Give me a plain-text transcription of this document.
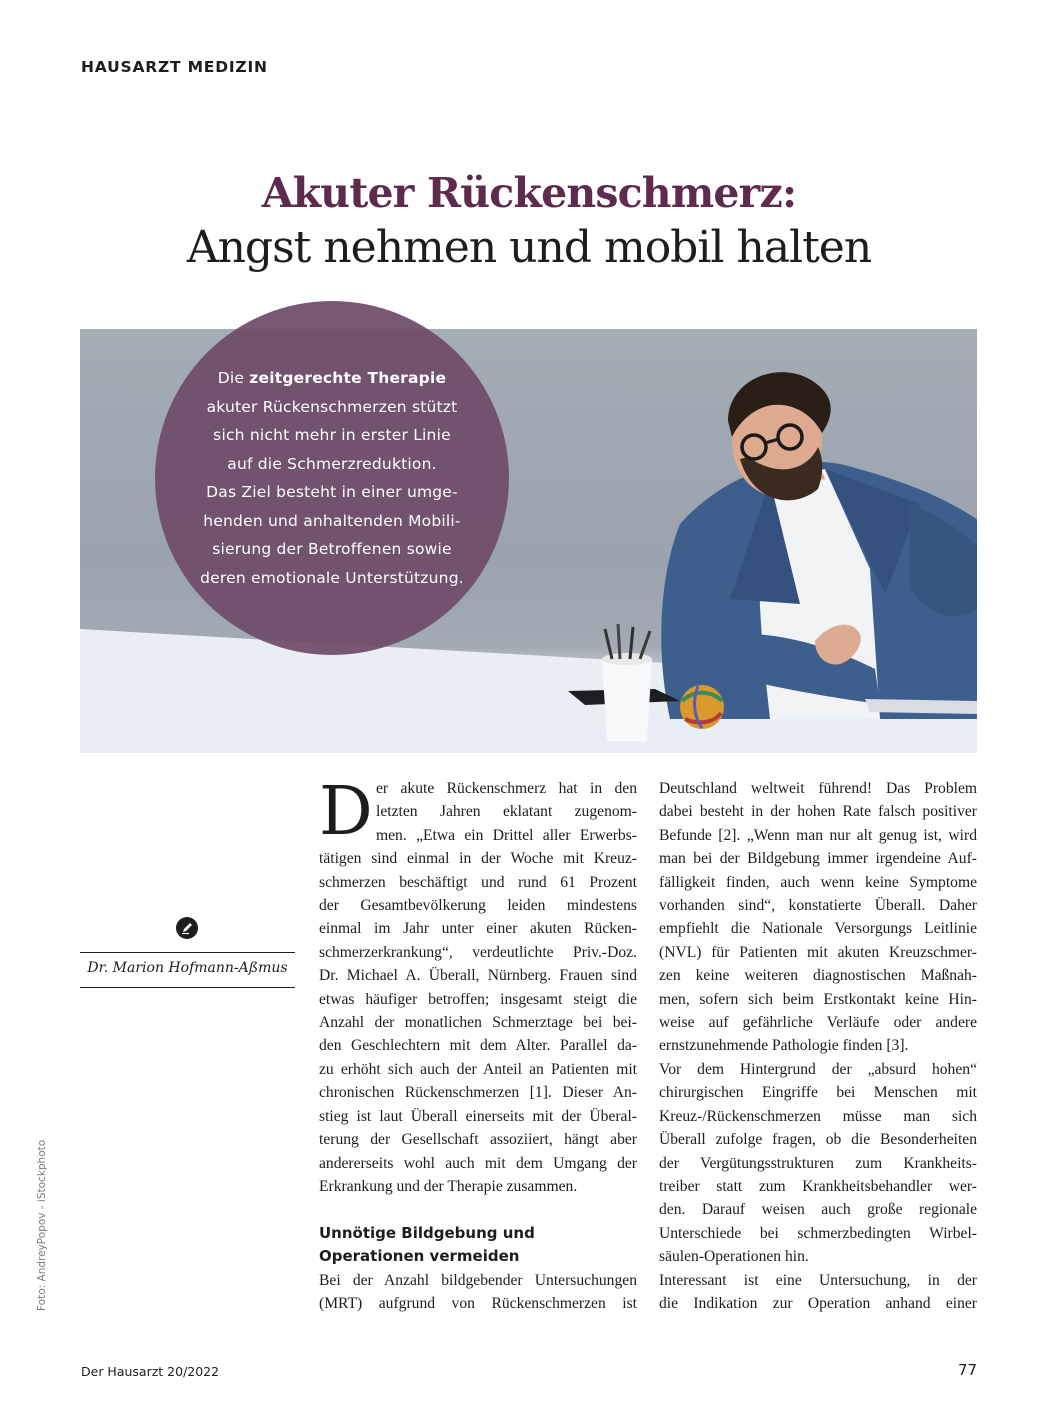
HAUSARZT MEDIZIN
Akuter Rückenschmerz:
Angst nehmen und mobil halten
Die zeitgerechte Therapie
akuter Rückenschmerzen stützt
sich nicht mehr in erster Linie
auf die Schmerzreduktion.
Das Ziel besteht in einer umge-
henden und anhaltenden Mobili-
sierung der Betroffenen sowie
deren emotionale Unterstützung.
Dr. Marion Hofmann-Aßmus
Foto: AndreyPopov - iStockphoto
D er akute Rückenschmerz hat in den
letzten Jahren eklatant zugenom-
men. „Etwa ein Drittel aller Erwerbs-
tätigen sind einmal in der Woche mit Kreuz-
schmerzen beschäftigt und rund 61 Prozent
der Gesamtbevölkerung leiden mindestens
einmal im Jahr unter einer akuten Rücken-
schmerzerkrankung“, verdeutlichte Priv.-Doz.
Dr. Michael A. Überall, Nürnberg. Frauen sind
etwas häufiger betroffen; insgesamt steigt die
Anzahl der monatlichen Schmerztage bei bei-
den Geschlechtern mit dem Alter. Parallel da-
zu erhöht sich auch der Anteil an Patienten mit
chronischen Rückenschmerzen [1]. Dieser An-
stieg ist laut Überall einerseits mit der Überal-
terung der Gesellschaft assoziiert, hängt aber
andererseits wohl auch mit dem Umgang der
Erkrankung und der Therapie zusammen.
Unnötige Bildgebung und
Operationen vermeiden
Bei der Anzahl bildgebender Untersuchungen
(MRT) aufgrund von Rückenschmerzen ist
Deutschland weltweit führend! Das Problem
dabei besteht in der hohen Rate falsch positiver
Befunde [2]. „Wenn man nur alt genug ist, wird
man bei der Bildgebung immer irgendeine Auf-
fälligkeit finden, auch wenn keine Symptome
vorhanden sind“, konstatierte Überall. Daher
empfiehlt die Nationale Versorgungs Leitlinie
(NVL) für Patienten mit akuten Kreuzschmer-
zen keine weiteren diagnostischen Maßnah-
men, sofern sich beim Erstkontakt keine Hin-
weise auf gefährliche Verläufe oder andere
ernstzunehmende Pathologie finden [3].
Vor dem Hintergrund der „absurd hohen“
chirurgischen Eingriffe bei Menschen mit
Kreuz-/Rückenschmerzen müsse man sich
Überall zufolge fragen, ob die Besonderheiten
der Vergütungsstrukturen zum Krankheits-
treiber statt zum Krankheitsbehandler wer-
den. Darauf weisen auch große regionale
Unterschiede bei schmerzbedingten Wirbel-
säulen-Operationen hin.
Interessant ist eine Untersuchung, in der
die Indikation zur Operation anhand einer
Der Hausarzt 20/2022	77
